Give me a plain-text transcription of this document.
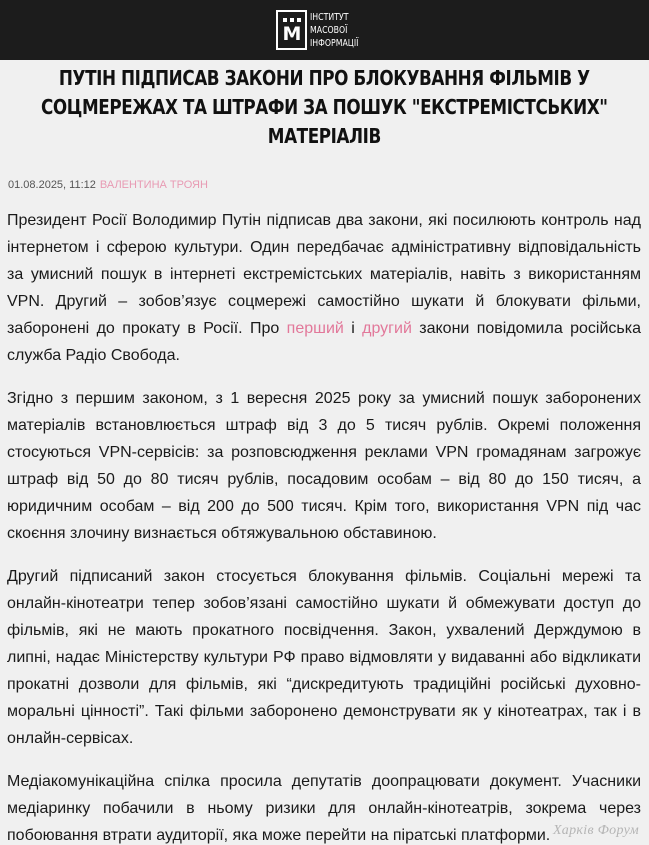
М
ІНСТИТУТ
МАСОВОЇ
ІНФОРМАЦІЇ
ПУТІН ПІДПИСАВ ЗАКОНИ ПРО БЛОКУВАННЯ ФІЛЬМІВ У СОЦМЕРЕЖАХ ТА ШТРАФИ ЗА ПОШУК "ЕКСТРЕМІСТСЬКИХ" МАТЕРІАЛІВ
01.08.2025, 11:12 ВАЛЕНТИНА ТРОЯН

Президент Росії Володимир Путін підписав два закони, які посилюють контроль над інтернетом і сферою культури. Один передбачає адміністративну відповідальність за умисний пошук в інтернеті екстремістських матеріалів, навіть з використанням VPN. Другий – зобов’язує соцмережі самостійно шукати й блокувати фільми, заборонені до прокату в Росії. Про перший і другий закони повідомила російська служба Радіо Свобода.

Згідно з першим законом, з 1 вересня 2025 року за умисний пошук заборонених матеріалів встановлюється штраф від 3 до 5 тисяч рублів. Окремі положення стосуються VPN-сервісів: за розповсюдження реклами VPN громадянам загрожує штраф від 50 до 80 тисяч рублів, посадовим особам – від 80 до 150 тисяч, а юридичним особам – від 200 до 500 тисяч. Крім того, використання VPN під час скоєння злочину визнається обтяжувальною обставиною.

Другий підписаний закон стосується блокування фільмів. Соціальні мережі та онлайн-кінотеатри тепер зобов’язані самостійно шукати й обмежувати доступ до фільмів, які не мають прокатного посвідчення. Закон, ухвалений Держдумою в липні, надає Міністерству культури РФ право відмовляти у видаванні або відкликати прокатні дозволи для фільмів, які “дискредитують традиційні російські духовно-моральні цінності”. Такі фільми заборонено демонструвати як у кінотеатрах, так і в онлайн-сервісах.

Медіакомунікаційна спілка просила депутатів доопрацювати документ. Учасники медіаринку побачили в ньому ризики для онлайн-кінотеатрів, зокрема через побоювання втрати аудиторії, яка може перейти на піратські платформи. Харків Форум
